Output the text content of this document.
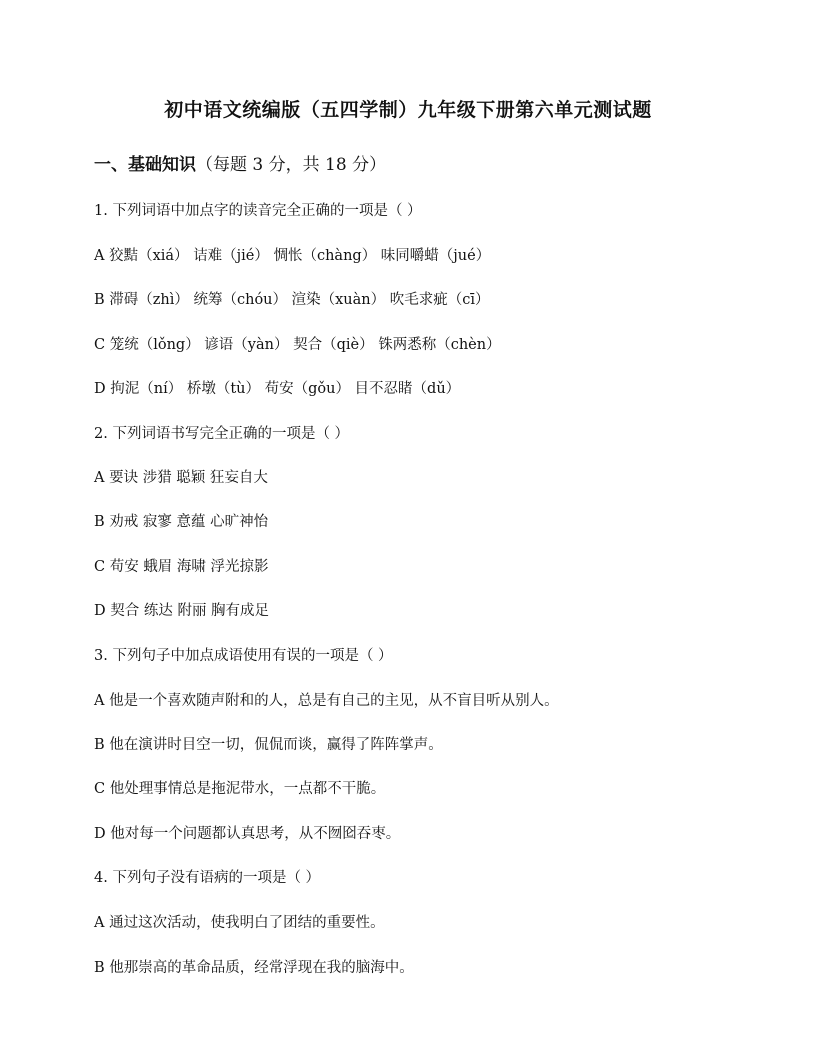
初中语文统编版（五四学制）九年级下册第六单元测试题
一、基础知识（每题 3 分，共 18 分）
1. 下列词语中加点字的读音完全正确的一项是（ ）
A 狡黠（xiá） 诘难（jié） 惆怅（chàng） 味同嚼蜡（jué）
B 滞碍（zhì） 统筹（chóu） 渲染（xuàn） 吹毛求疵（cī）
C 笼统（lǒng） 谚语（yàn） 契合（qiè） 铢两悉称（chèn）
D 拘泥（ní） 桥墩（tù） 苟安（gǒu） 目不忍睹（dǔ）
2. 下列词语书写完全正确的一项是（ ）
A 要诀 涉猎 聪颖 狂妄自大
B 劝戒 寂寥 意蕴 心旷神怡
C 苟安 蛾眉 海啸 浮光掠影
D 契合 练达 附丽 胸有成足
3. 下列句子中加点成语使用有误的一项是（ ）
A 他是一个喜欢随声附和的人，总是有自己的主见，从不盲目听从别人。
B 他在演讲时目空一切，侃侃而谈，赢得了阵阵掌声。
C 他处理事情总是拖泥带水，一点都不干脆。
D 他对每一个问题都认真思考，从不囫囵吞枣。
4. 下列句子没有语病的一项是（ ）
A 通过这次活动，使我明白了团结的重要性。
B 他那崇高的革命品质，经常浮现在我的脑海中。
